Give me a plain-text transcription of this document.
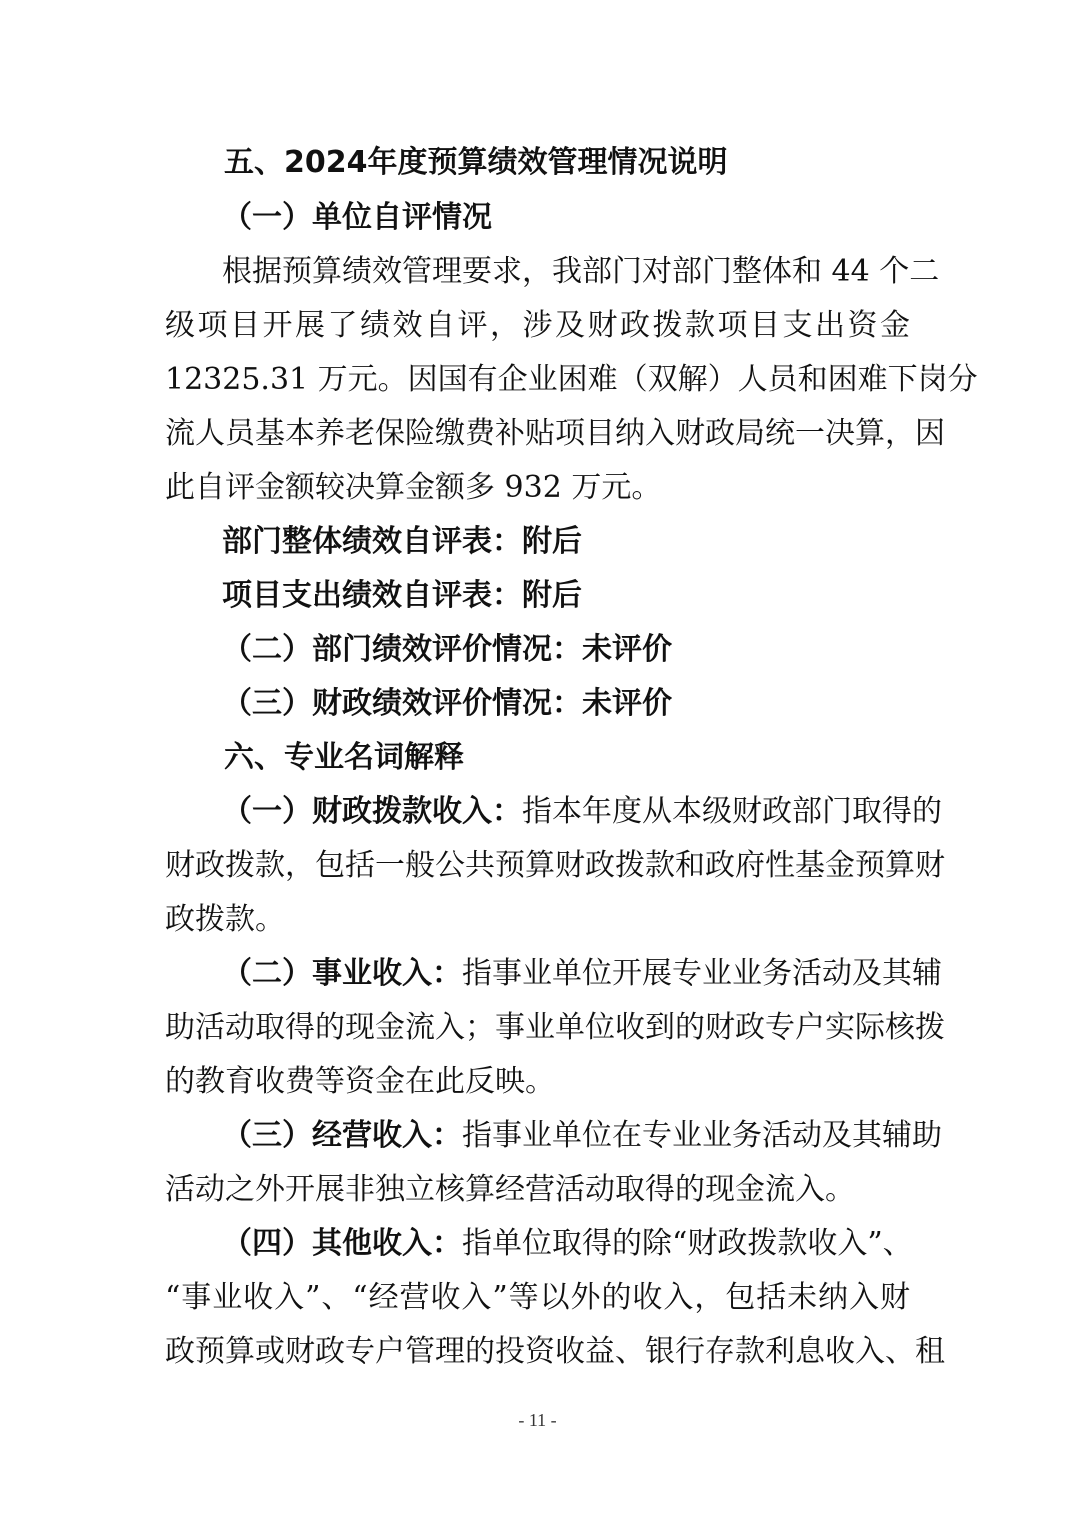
五、2024年度预算绩效管理情况说明
（一）单位自评情况
根据预算绩效管理要求，我部门对部门整体和 44 个二
级项目开展了绩效自评，涉及财政拨款项目支出资金
12325.31 万元。因国有企业困难（双解）人员和困难下岗分
流人员基本养老保险缴费补贴项目纳入财政局统一决算，因
此自评金额较决算金额多 932 万元。
部门整体绩效自评表：附后
项目支出绩效自评表：附后
（二）部门绩效评价情况：未评价
（三）财政绩效评价情况：未评价
六、专业名词解释
（一）财政拨款收入：指本年度从本级财政部门取得的
财政拨款，包括一般公共预算财政拨款和政府性基金预算财
政拨款。
（二）事业收入：指事业单位开展专业业务活动及其辅
助活动取得的现金流入；事业单位收到的财政专户实际核拨
的教育收费等资金在此反映。
（三）经营收入：指事业单位在专业业务活动及其辅助
活动之外开展非独立核算经营活动取得的现金流入。
（四）其他收入：指单位取得的除“财政拨款收入”、
“事业收入”、“经营收入”等以外的收入，包括未纳入财
政预算或财政专户管理的投资收益、银行存款利息收入、租
- 11 -
